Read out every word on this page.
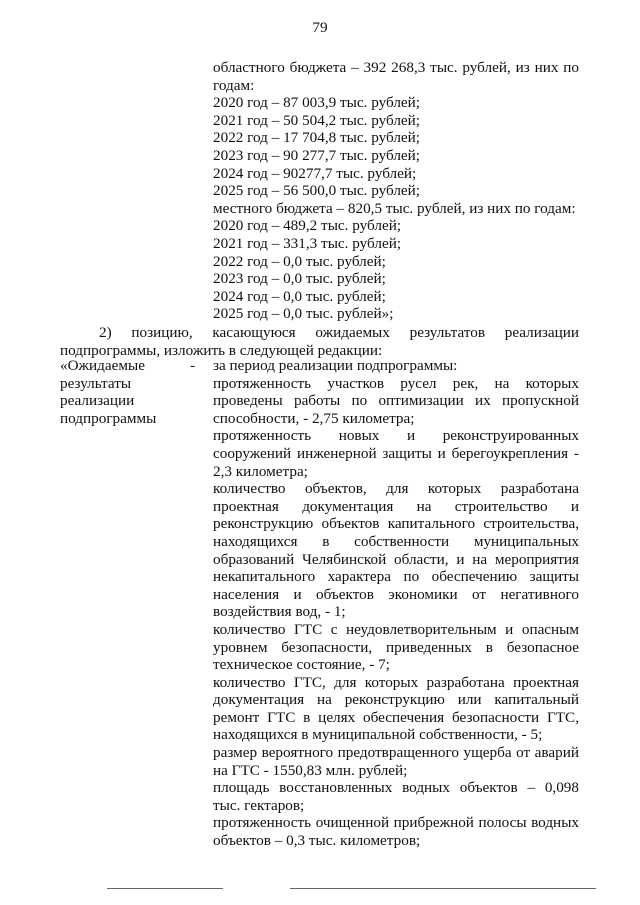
79
областного бюджета – 392 268,3 тыс. рублей, из них по
годам:
2020 год – 87 003,9 тыс. рублей;
2021 год – 50 504,2 тыс. рублей;
2022 год – 17 704,8 тыс. рублей;
2023 год – 90 277,7 тыс. рублей;
2024 год – 90277,7 тыс. рублей;
2025 год – 56 500,0 тыс. рублей;
местного бюджета – 820,5 тыс. рублей, из них по годам:
2020 год – 489,2 тыс. рублей;
2021 год – 331,3 тыс. рублей;
2022 год – 0,0 тыс. рублей;
2023 год – 0,0 тыс. рублей;
2024 год – 0,0 тыс. рублей;
2025 год – 0,0 тыс. рублей»;
2) позицию, касающуюся ожидаемых результатов реализации
подпрограммы, изложить в следующей редакции:
«Ожидаемые
результаты
реализации
подпрограммы
- за период реализации подпрограммы:
протяженность участков русел рек, на которых проведены работы по оптимизации их пропускной способности, - 2,75 километра;
протяженность новых и реконструированных сооружений инженерной защиты и берегоукрепления - 2,3 километра;
количество объектов, для которых разработана проектная документация на строительство и реконструкцию объектов капитального строительства, находящихся в собственности муниципальных образований Челябинской области, и на мероприятия некапитального характера по обеспечению защиты населения и объектов экономики от негативного воздействия вод, - 1;
количество ГТС с неудовлетворительным и опасным уровнем безопасности, приведенных в безопасное техническое состояние, - 7;
количество ГТС, для которых разработана проектная документация на реконструкцию или капитальный ремонт ГТС в целях обеспечения безопасности ГТС, находящихся в муниципальной собственности, - 5;
размер вероятного предотвращенного ущерба от аварий на ГТС - 1550,83 млн. рублей;
площадь восстановленных водных объектов – 0,098 тыс. гектаров;
протяженность очищенной прибрежной полосы водных объектов – 0,3 тыс. километров;
